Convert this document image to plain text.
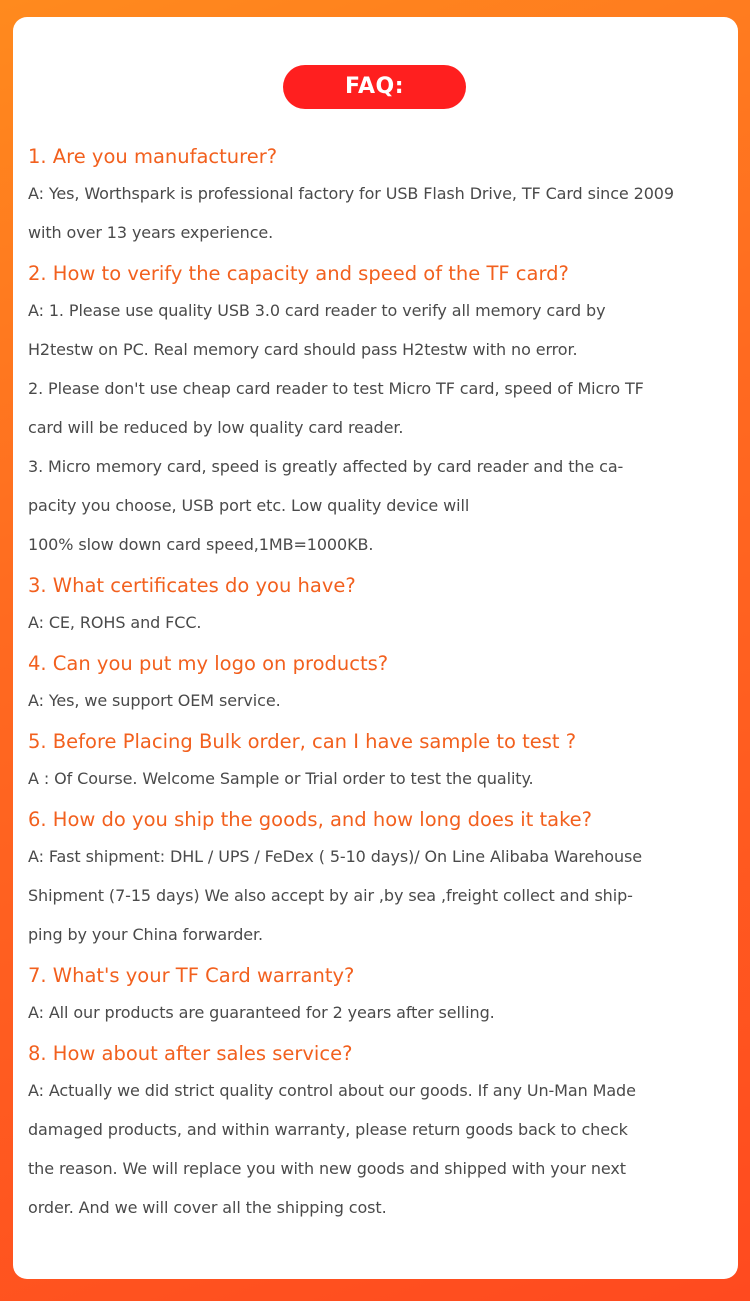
FAQ:
1. Are you manufacturer?
A: Yes, Worthspark is professional factory for USB Flash Drive, TF Card since 2009
with over 13 years experience.
2. How to verify the capacity and speed of the TF card?
A: 1. Please use quality USB 3.0 card reader to verify all memory card by
H2testw on PC. Real memory card should pass H2testw with no error.
2. Please don't use cheap card reader to test Micro TF card, speed of Micro TF
card will be reduced by low quality card reader.
3. Micro memory card, speed is greatly affected by card reader and the ca-
pacity you choose, USB port etc. Low quality device will
100% slow down card speed,1MB=1000KB.
3. What certificates do you have?
A: CE, ROHS and FCC.
4. Can you put my logo on products?
A: Yes, we support OEM service.
5. Before Placing Bulk order, can I have sample to test ?
A : Of Course. Welcome Sample or Trial order to test the quality.
6. How do you ship the goods, and how long does it take?
A: Fast shipment: DHL / UPS / FeDex ( 5-10 days)/ On Line Alibaba Warehouse
Shipment (7-15 days) We also accept by air ,by sea ,freight collect and ship-
ping by your China forwarder.
7. What's your TF Card warranty?
A: All our products are guaranteed for 2 years after selling.
8. How about after sales service?
A: Actually we did strict quality control about our goods. If any Un-Man Made
damaged products, and within warranty, please return goods back to check
the reason. We will replace you with new goods and shipped with your next
order. And we will cover all the shipping cost.
